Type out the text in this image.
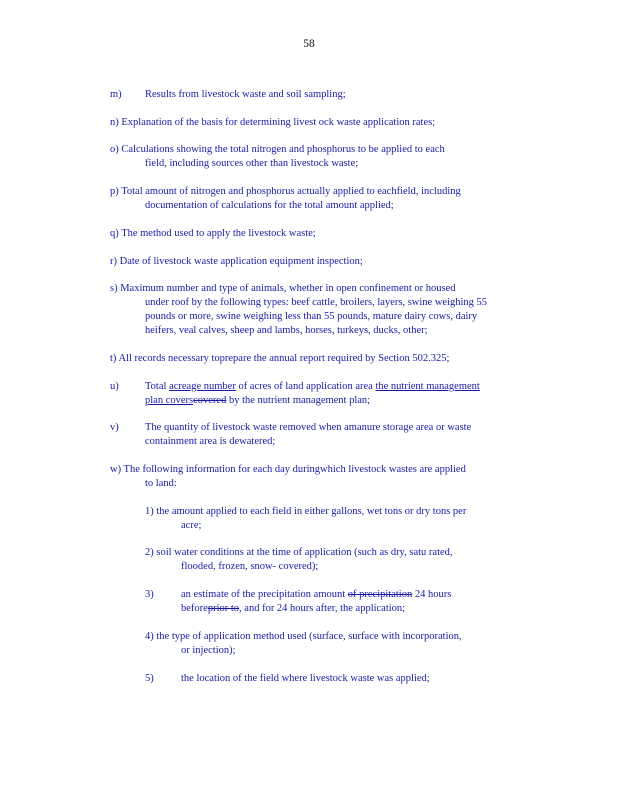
58
m) Results from livestock waste and soil sampling;
n) Explanation of the basis for determining livest ock waste application rates;
o) Calculations showing the total nitrogen and phosphorus to be applied to each
field, including sources other than livestock waste;
p) Total amount of nitrogen and phosphorus actually applied to eachfield, including
documentation of calculations for the total amount applied;
q) The method used to apply the livestock waste;
r) Date of livestock waste application equipment inspection;
s) Maximum number and type of animals, whether in open confinement or housed
under roof by the following types: beef cattle, broilers, layers, swine weighing 55
pounds or more, swine weighing less than 55 pounds, mature dairy cows, dairy
heifers, veal calves, sheep and lambs, horses, turkeys, ducks, other;
t) All records necessary toprepare the annual report required by Section 502.325;
u)	Total acreage number of acres of land application area the nutrient management
plan coverscovered by the nutrient management plan;
v)	The quantity of livestock waste removed when amanure storage area or waste
containment area is dewatered;
w) The following information for each day duringwhich livestock wastes are applied
to land:
1) the amount applied to each field in either gallons, wet tons or dry tons per
acre;
2) soil water conditions at the time of application (such as dry, satu rated,
flooded, frozen, snow- covered);
3)	an estimate of the precipitation amount of precipitation 24 hours
beforeprior to, and for 24 hours after, the application;
4) the type of application method used (surface, surface with incorporation,
or injection);
5)	the location of the field where livestock waste was applied;
